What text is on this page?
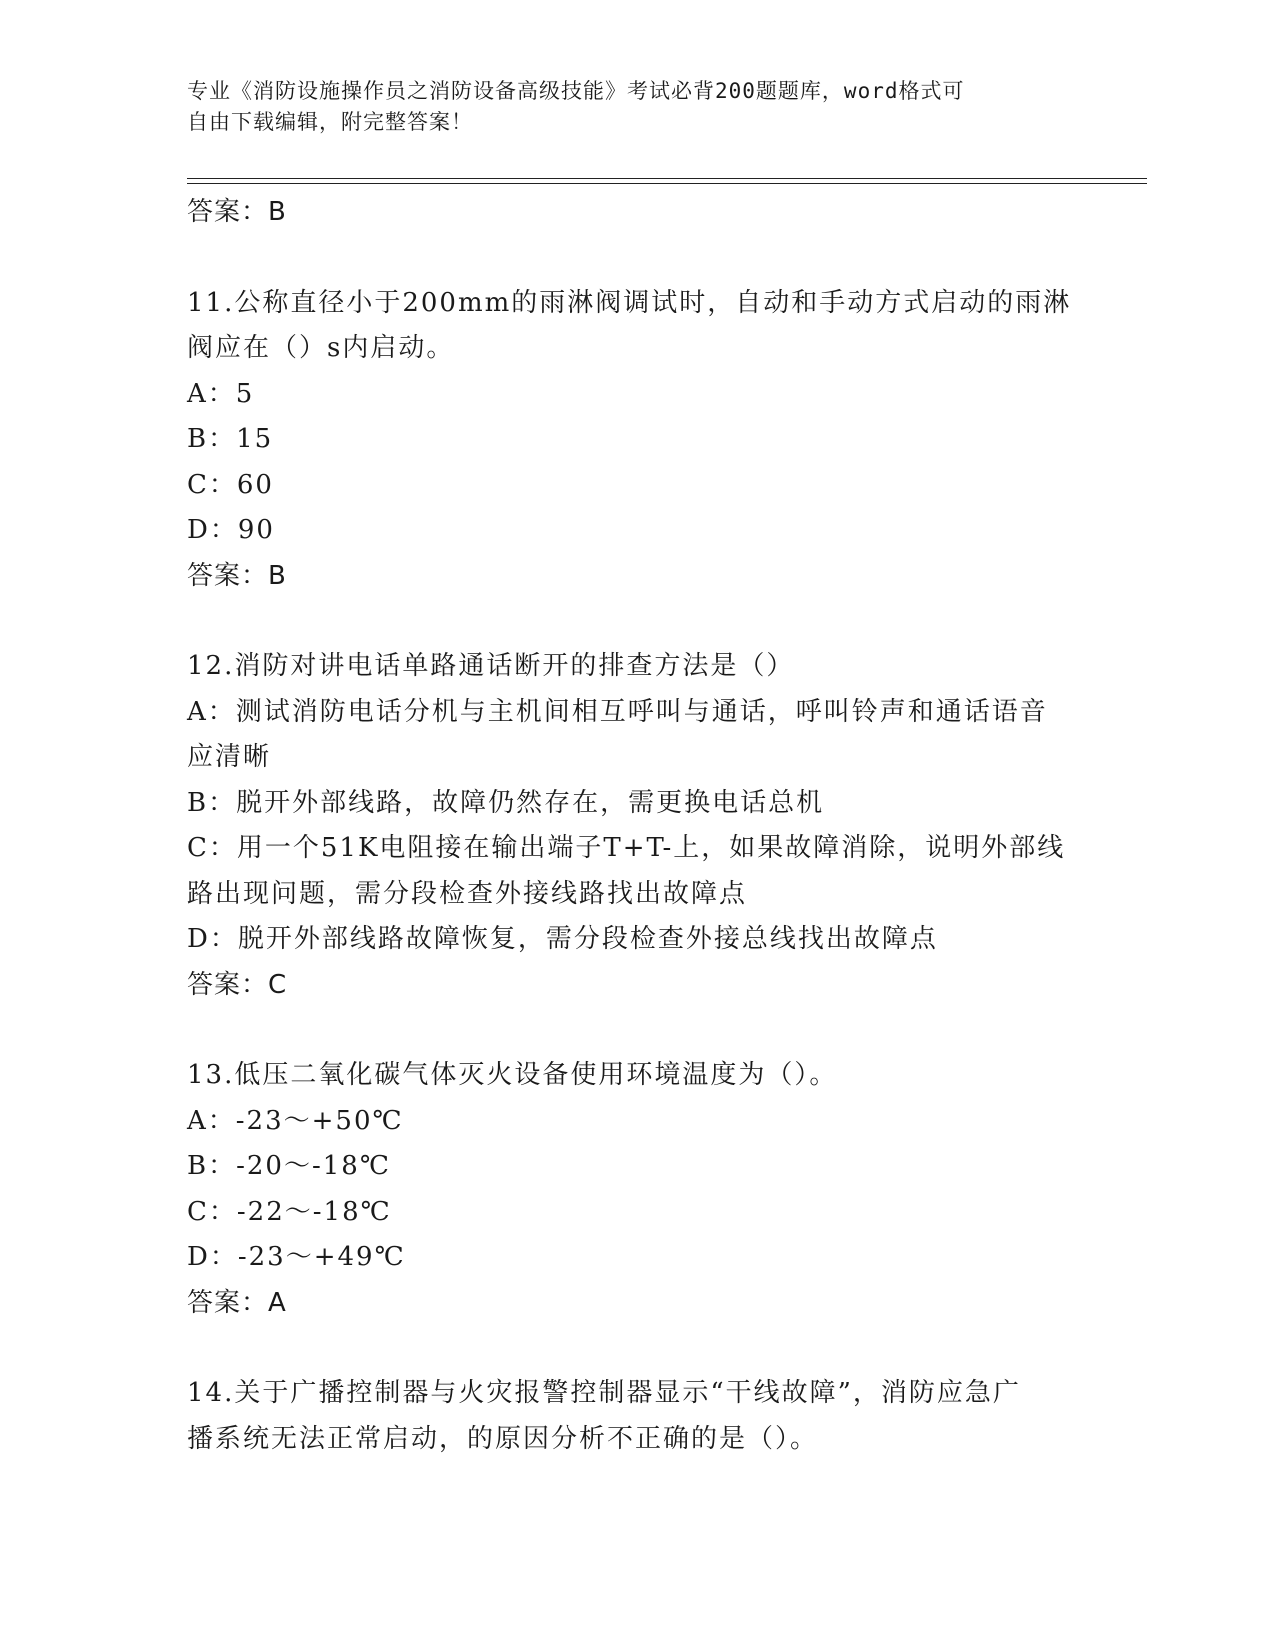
专业《消防设施操作员之消防设备高级技能》考试必背200题题库，word格式可
自由下载编辑，附完整答案！
答案：B
11.公称直径小于200mm的雨淋阀调试时，自动和手动方式启动的雨淋
阀应在（）s内启动。
A：5
B：15
C：60
D：90
答案：B
12.消防对讲电话单路通话断开的排查方法是（）
A：测试消防电话分机与主机间相互呼叫与通话，呼叫铃声和通话语音
应清晰
B：脱开外部线路，故障仍然存在，需更换电话总机
C：用一个51K电阻接在输出端子T+T-上，如果故障消除，说明外部线
路出现问题，需分段检查外接线路找出故障点
D：脱开外部线路故障恢复，需分段检查外接总线找出故障点
答案：C
13.低压二氧化碳气体灭火设备使用环境温度为（）。
A：-23～+50℃
B：-20～-18℃
C：-22～-18℃
D：-23～+49℃
答案：A
14.关于广播控制器与火灾报警控制器显示“干线故障”，消防应急广
播系统无法正常启动，的原因分析不正确的是（）。
